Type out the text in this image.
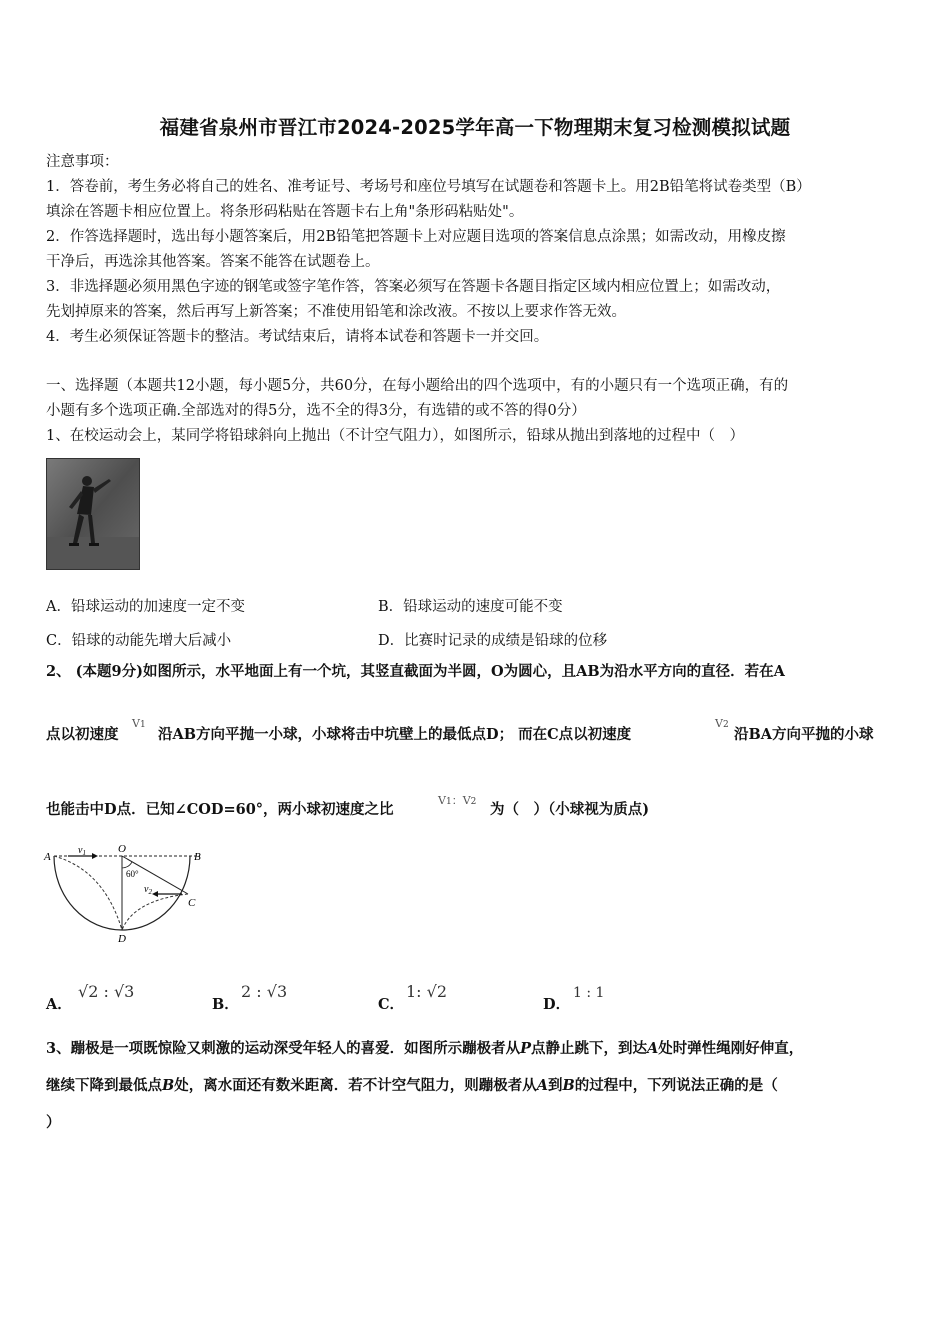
福建省泉州市晋江市2024-2025学年高一下物理期末复习检测模拟试题
注意事项：
1．答卷前，考生务必将自己的姓名、准考证号、考场号和座位号填写在试题卷和答题卡上。用2B铅笔将试卷类型（B）
填涂在答题卡相应位置上。将条形码粘贴在答题卡右上角"条形码粘贴处"。
2．作答选择题时，选出每小题答案后，用2B铅笔把答题卡上对应题目选项的答案信息点涂黑；如需改动，用橡皮擦
干净后，再选涂其他答案。答案不能答在试题卷上。
3．非选择题必须用黑色字迹的钢笔或签字笔作答，答案必须写在答题卡各题目指定区域内相应位置上；如需改动，
先划掉原来的答案，然后再写上新答案；不准使用铅笔和涂改液。不按以上要求作答无效。
4．考生必须保证答题卡的整洁。考试结束后，请将本试卷和答题卡一并交回。
一、选择题（本题共12小题，每小题5分，共60分，在每小题给出的四个选项中，有的小题只有一个选项正确，有的
小题有多个选项正确.全部选对的得5分，选不全的得3分，有选错的或不答的得0分）
1、在校运动会上，某同学将铅球斜向上抛出（不计空气阻力），如图所示，铅球从抛出到落地的过程中（　）
A．铅球运动的加速度一定不变	B．铅球运动的速度可能不变
C．铅球的动能先增大后减小	D．比赛时记录的成绩是铅球的位移
2、 (本题9分)如图所示，水平地面上有一个坑，其竖直截面为半圆，O为圆心，且AB为沿水平方向的直径．若在A
点以初速度
V1
沿AB方向平抛一小球，小球将击中坑壁上的最低点D； 而在C点以初速度
V2
沿BA方向平抛的小球
也能击中D点．已知∠COD=60°，两小球初速度之比
V1：V2 为（　）（小球视为质点)
A	B
O
C
D
60°
$v_1$
$v_2$
A．
√2 : √3
B．
2 : √3
C．
1: √2
D．
1 : 1
3、蹦极是一项既惊险又刺激的运动深受年轻人的喜爱．如图所示蹦极者从P点静止跳下，到达A处时弹性绳刚好伸直，
继续下降到最低点B处，离水面还有数米距离．若不计空气阻力，则蹦极者从A到B的过程中，下列说法正确的是（
）
